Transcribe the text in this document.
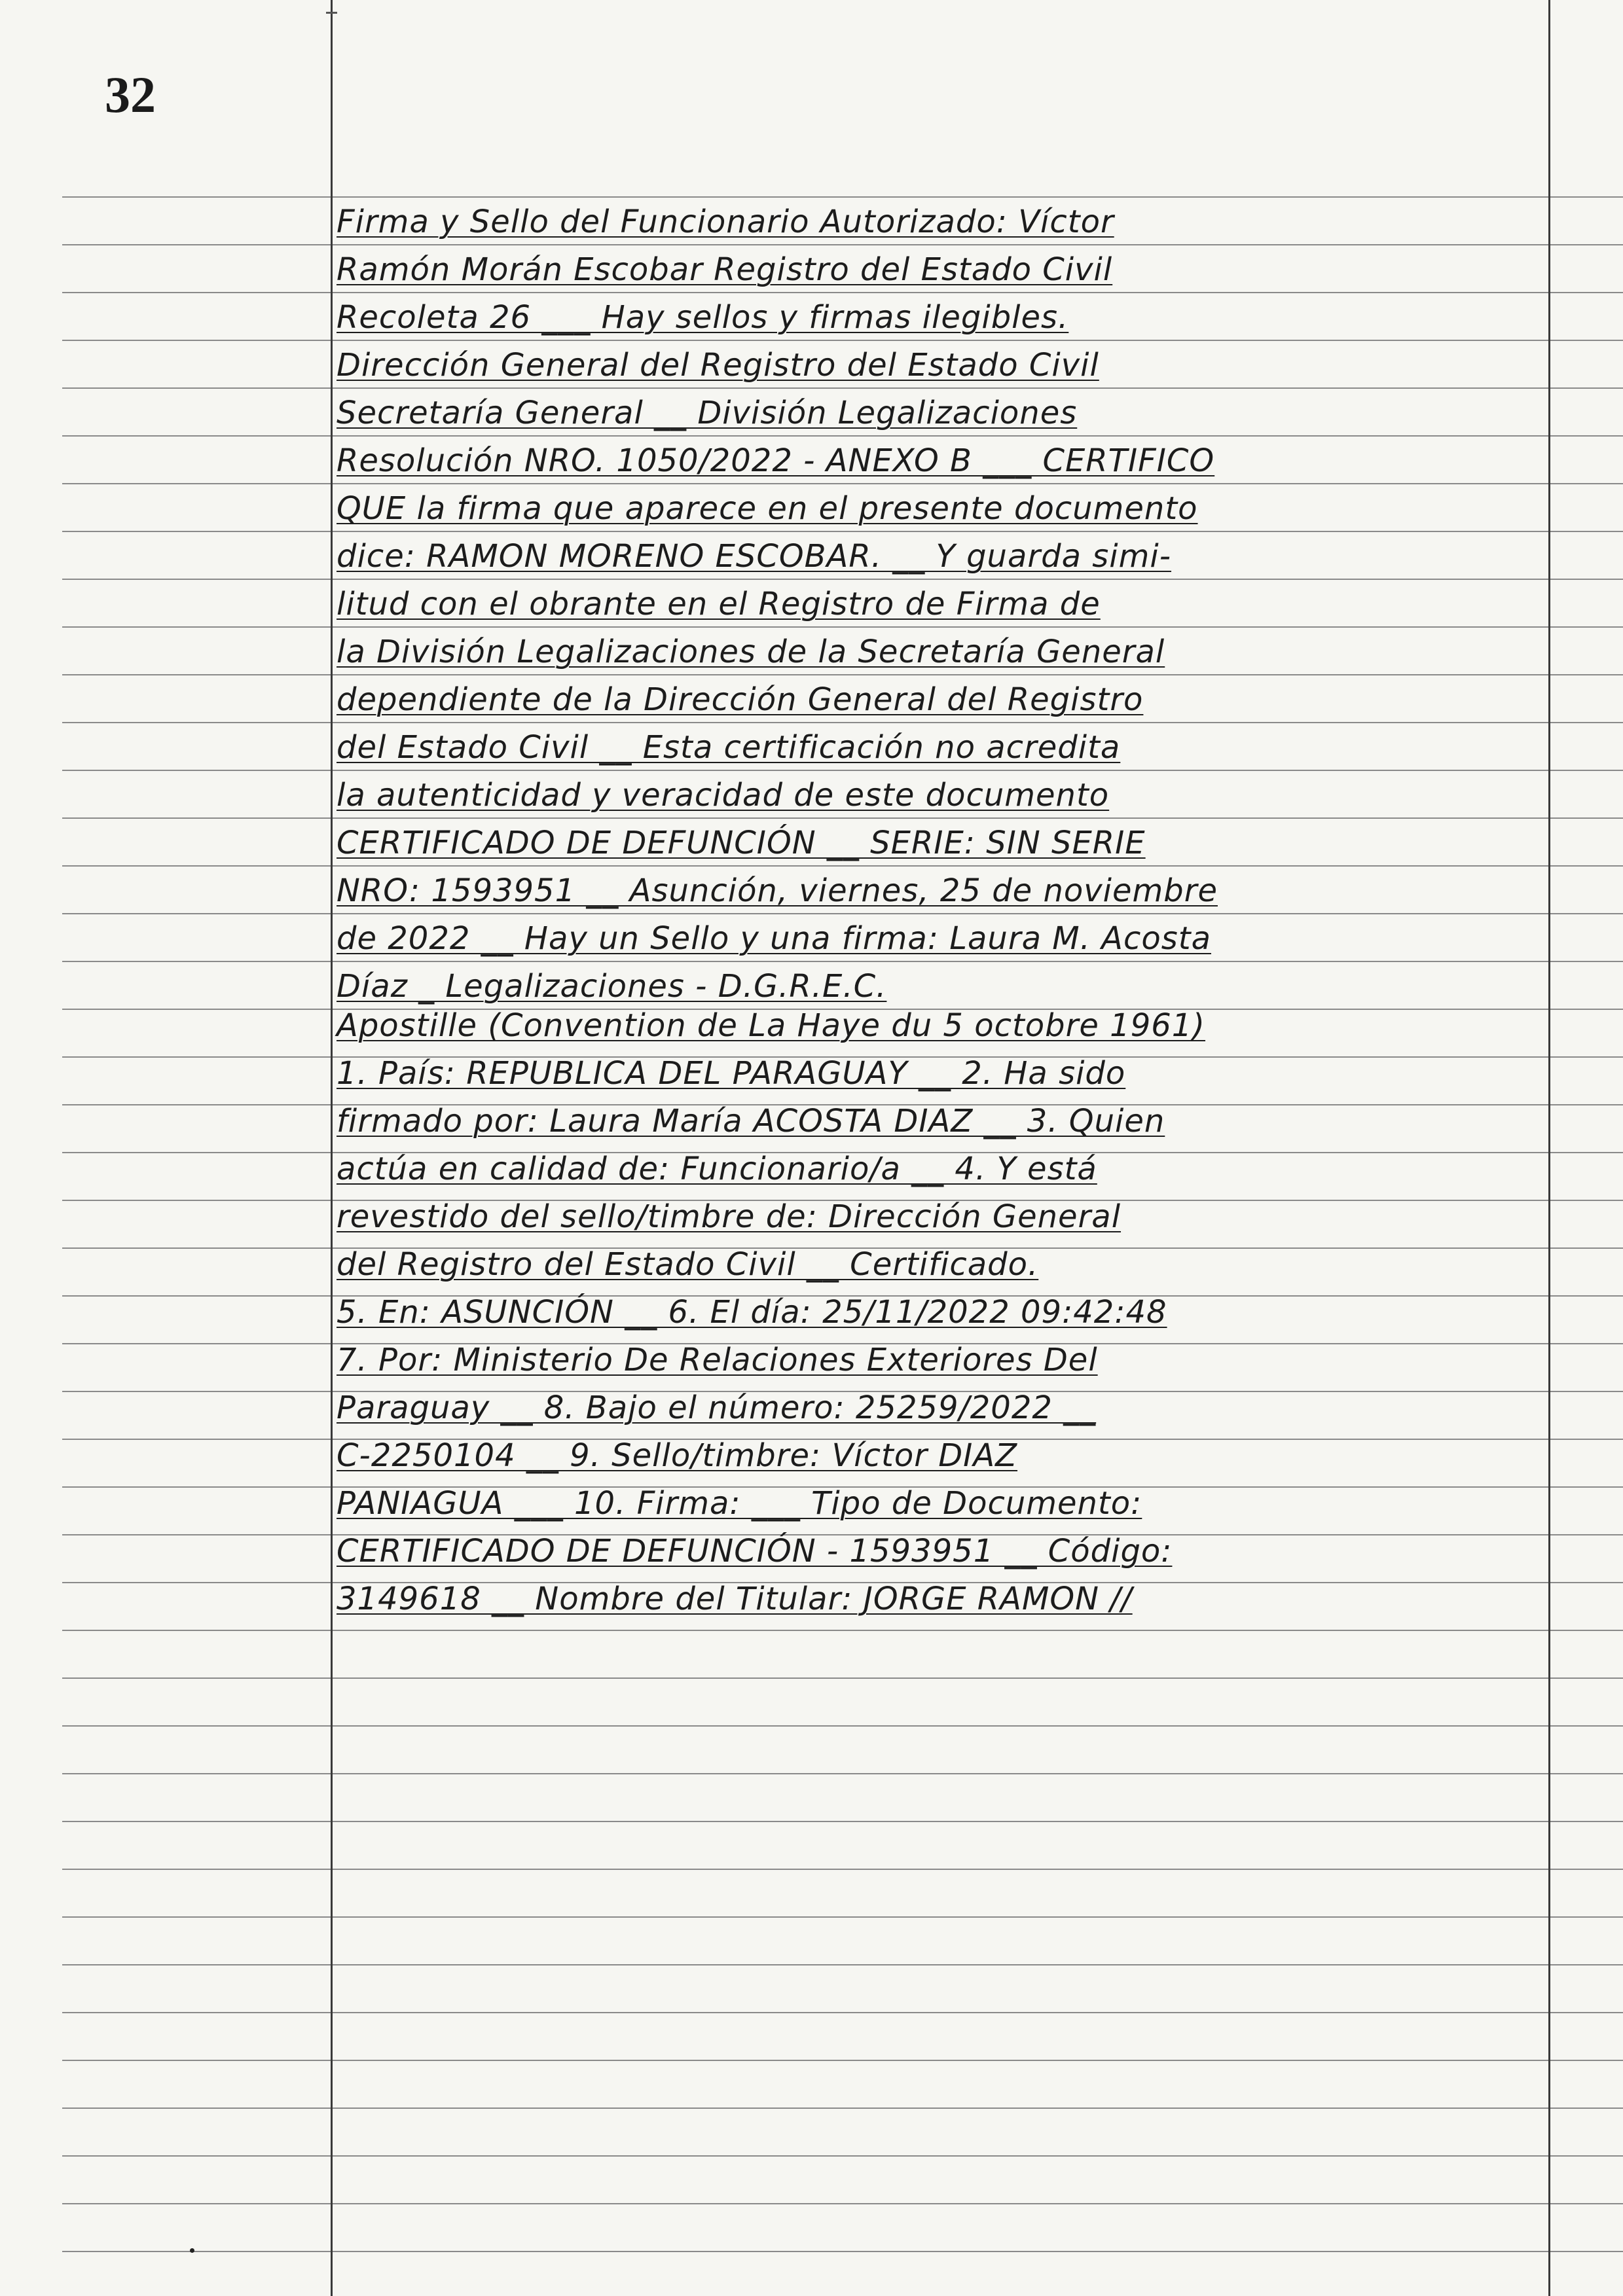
32
Firma y Sello del Funcionario Autorizado: Víctor
Ramón Morán Escobar Registro del Estado Civil
Recoleta 26 ___ Hay sellos y firmas ilegibles.
Dirección General del Registro del Estado Civil
Secretaría General __ División Legalizaciones
Resolución NRO. 1050/2022 - ANEXO B ___ CERTIFICO
QUE la firma que aparece en el presente documento
dice: RAMON MORENO ESCOBAR. __ Y guarda simi-
litud con el obrante en el Registro de Firma de
la División Legalizaciones de la Secretaría General
dependiente de la Dirección General del Registro
del Estado Civil __ Esta certificación no acredita
la autenticidad y veracidad de este documento
CERTIFICADO DE DEFUNCIÓN __ SERIE: SIN SERIE
NRO: 1593951 __ Asunción, viernes, 25 de noviembre
de 2022 __ Hay un Sello y una firma: Laura M. Acosta
Díaz _ Legalizaciones - D.G.R.E.C.
Apostille (Convention de La Haye du 5 octobre 1961)
1. País: REPUBLICA DEL PARAGUAY __ 2. Ha sido
firmado por: Laura María ACOSTA DIAZ __ 3. Quien
actúa en calidad de: Funcionario/a __ 4. Y está
revestido del sello/timbre de: Dirección General
del Registro del Estado Civil __ Certificado.
5. En: ASUNCIÓN __ 6. El día: 25/11/2022 09:42:48
7. Por: Ministerio De Relaciones Exteriores Del
Paraguay __ 8. Bajo el número: 25259/2022 __
C-2250104 __ 9. Sello/timbre: Víctor DIAZ
PANIAGUA ___ 10. Firma: ___ Tipo de Documento:
CERTIFICADO DE DEFUNCIÓN - 1593951 __ Código:
3149618 __ Nombre del Titular: JORGE RAMON //
